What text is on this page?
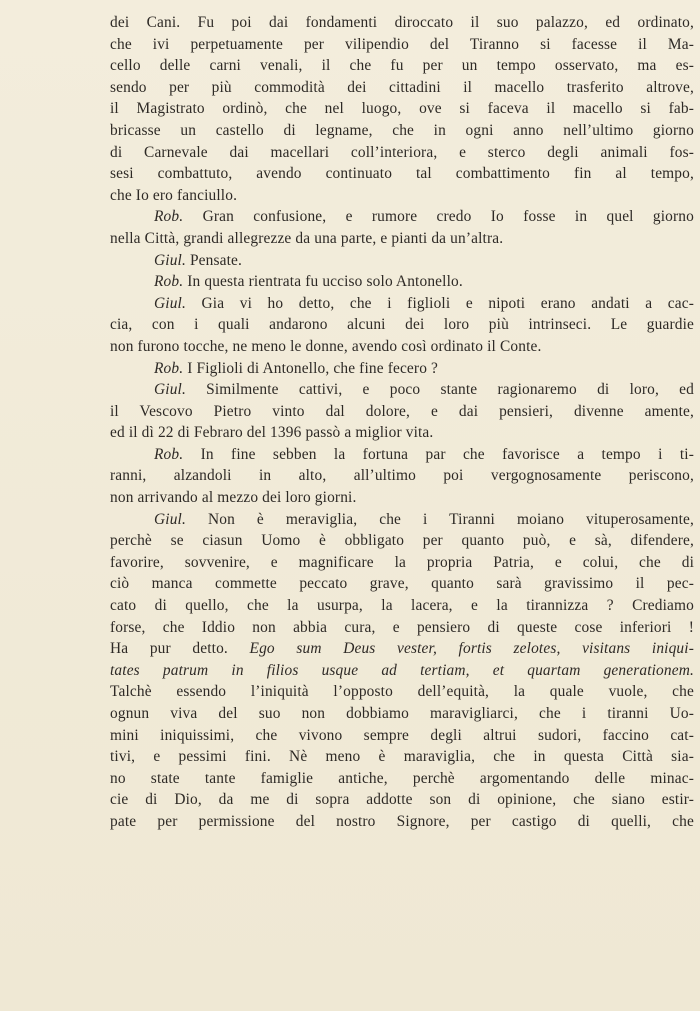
dei Cani. Fu poi dai fondamenti diroccato il suo palazzo, ed ordinato,
che ivi perpetuamente per vilipendio del Tiranno si facesse il Ma-
cello delle carni venali, il che fu per un tempo osservato, ma es-
sendo per più commodità dei cittadini il macello trasferito altrove,
il Magistrato ordinò, che nel luogo, ove si faceva il macello si fab-
bricasse un castello di legname, che in ogni anno nell’ultimo giorno
di Carnevale dai macellari coll’interiora, e sterco degli animali fos-
sesi combattuto, avendo continuato tal combattimento fin al tempo,
che Io ero fanciullo.
Rob. Gran confusione, e rumore credo Io fosse in quel giorno
nella Città, grandi allegrezze da una parte, e pianti da un’altra.
Giul. Pensate.
Rob. In questa rientrata fu ucciso solo Antonello.
Giul. Gia vi ho detto, che i figlioli e nipoti erano andati a cac-
cia, con i quali andarono alcuni dei loro più intrinseci. Le guardie
non furono tocche, ne meno le donne, avendo così ordinato il Conte.
Rob. I Figlioli di Antonello, che fine fecero ?
Giul. Similmente cattivi, e poco stante ragionaremo di loro, ed
il Vescovo Pietro vinto dal dolore, e dai pensieri, divenne amente,
ed il dì 22 di Febraro del 1396 passò a miglior vita.
Rob. In fine sebben la fortuna par che favorisce a tempo i ti-
ranni, alzandoli in alto, all’ultimo poi vergognosamente periscono,
non arrivando al mezzo dei loro giorni.
Giul. Non è meraviglia, che i Tiranni moiano vituperosamente,
perchè se ciasun Uomo è obbligato per quanto può, e sà, difendere,
favorire, sovvenire, e magnificare la propria Patria, e colui, che di
ciò manca commette peccato grave, quanto sarà gravissimo il pec-
cato di quello, che la usurpa, la lacera, e la tirannizza ? Crediamo
forse, che Iddio non abbia cura, e pensiero di queste cose inferiori !
Ha pur detto. Ego sum Deus vester, fortis zelotes, visitans iniqui-
tates patrum in filios usque ad tertiam, et quartam generationem.
Talchè essendo l’iniquità l’opposto dell’equità, la quale vuole, che
ognun viva del suo non dobbiamo maravigliarci, che i tiranni Uo-
mini iniquissimi, che vivono sempre degli altrui sudori, faccino cat-
tivi, e pessimi fini. Nè meno è maraviglia, che in questa Città sia-
no state tante famiglie antiche, perchè argomentando delle minac-
cie di Dio, da me di sopra addotte son di opinione, che siano estir-
pate per permissione del nostro Signore, per castigo di quelli, che
